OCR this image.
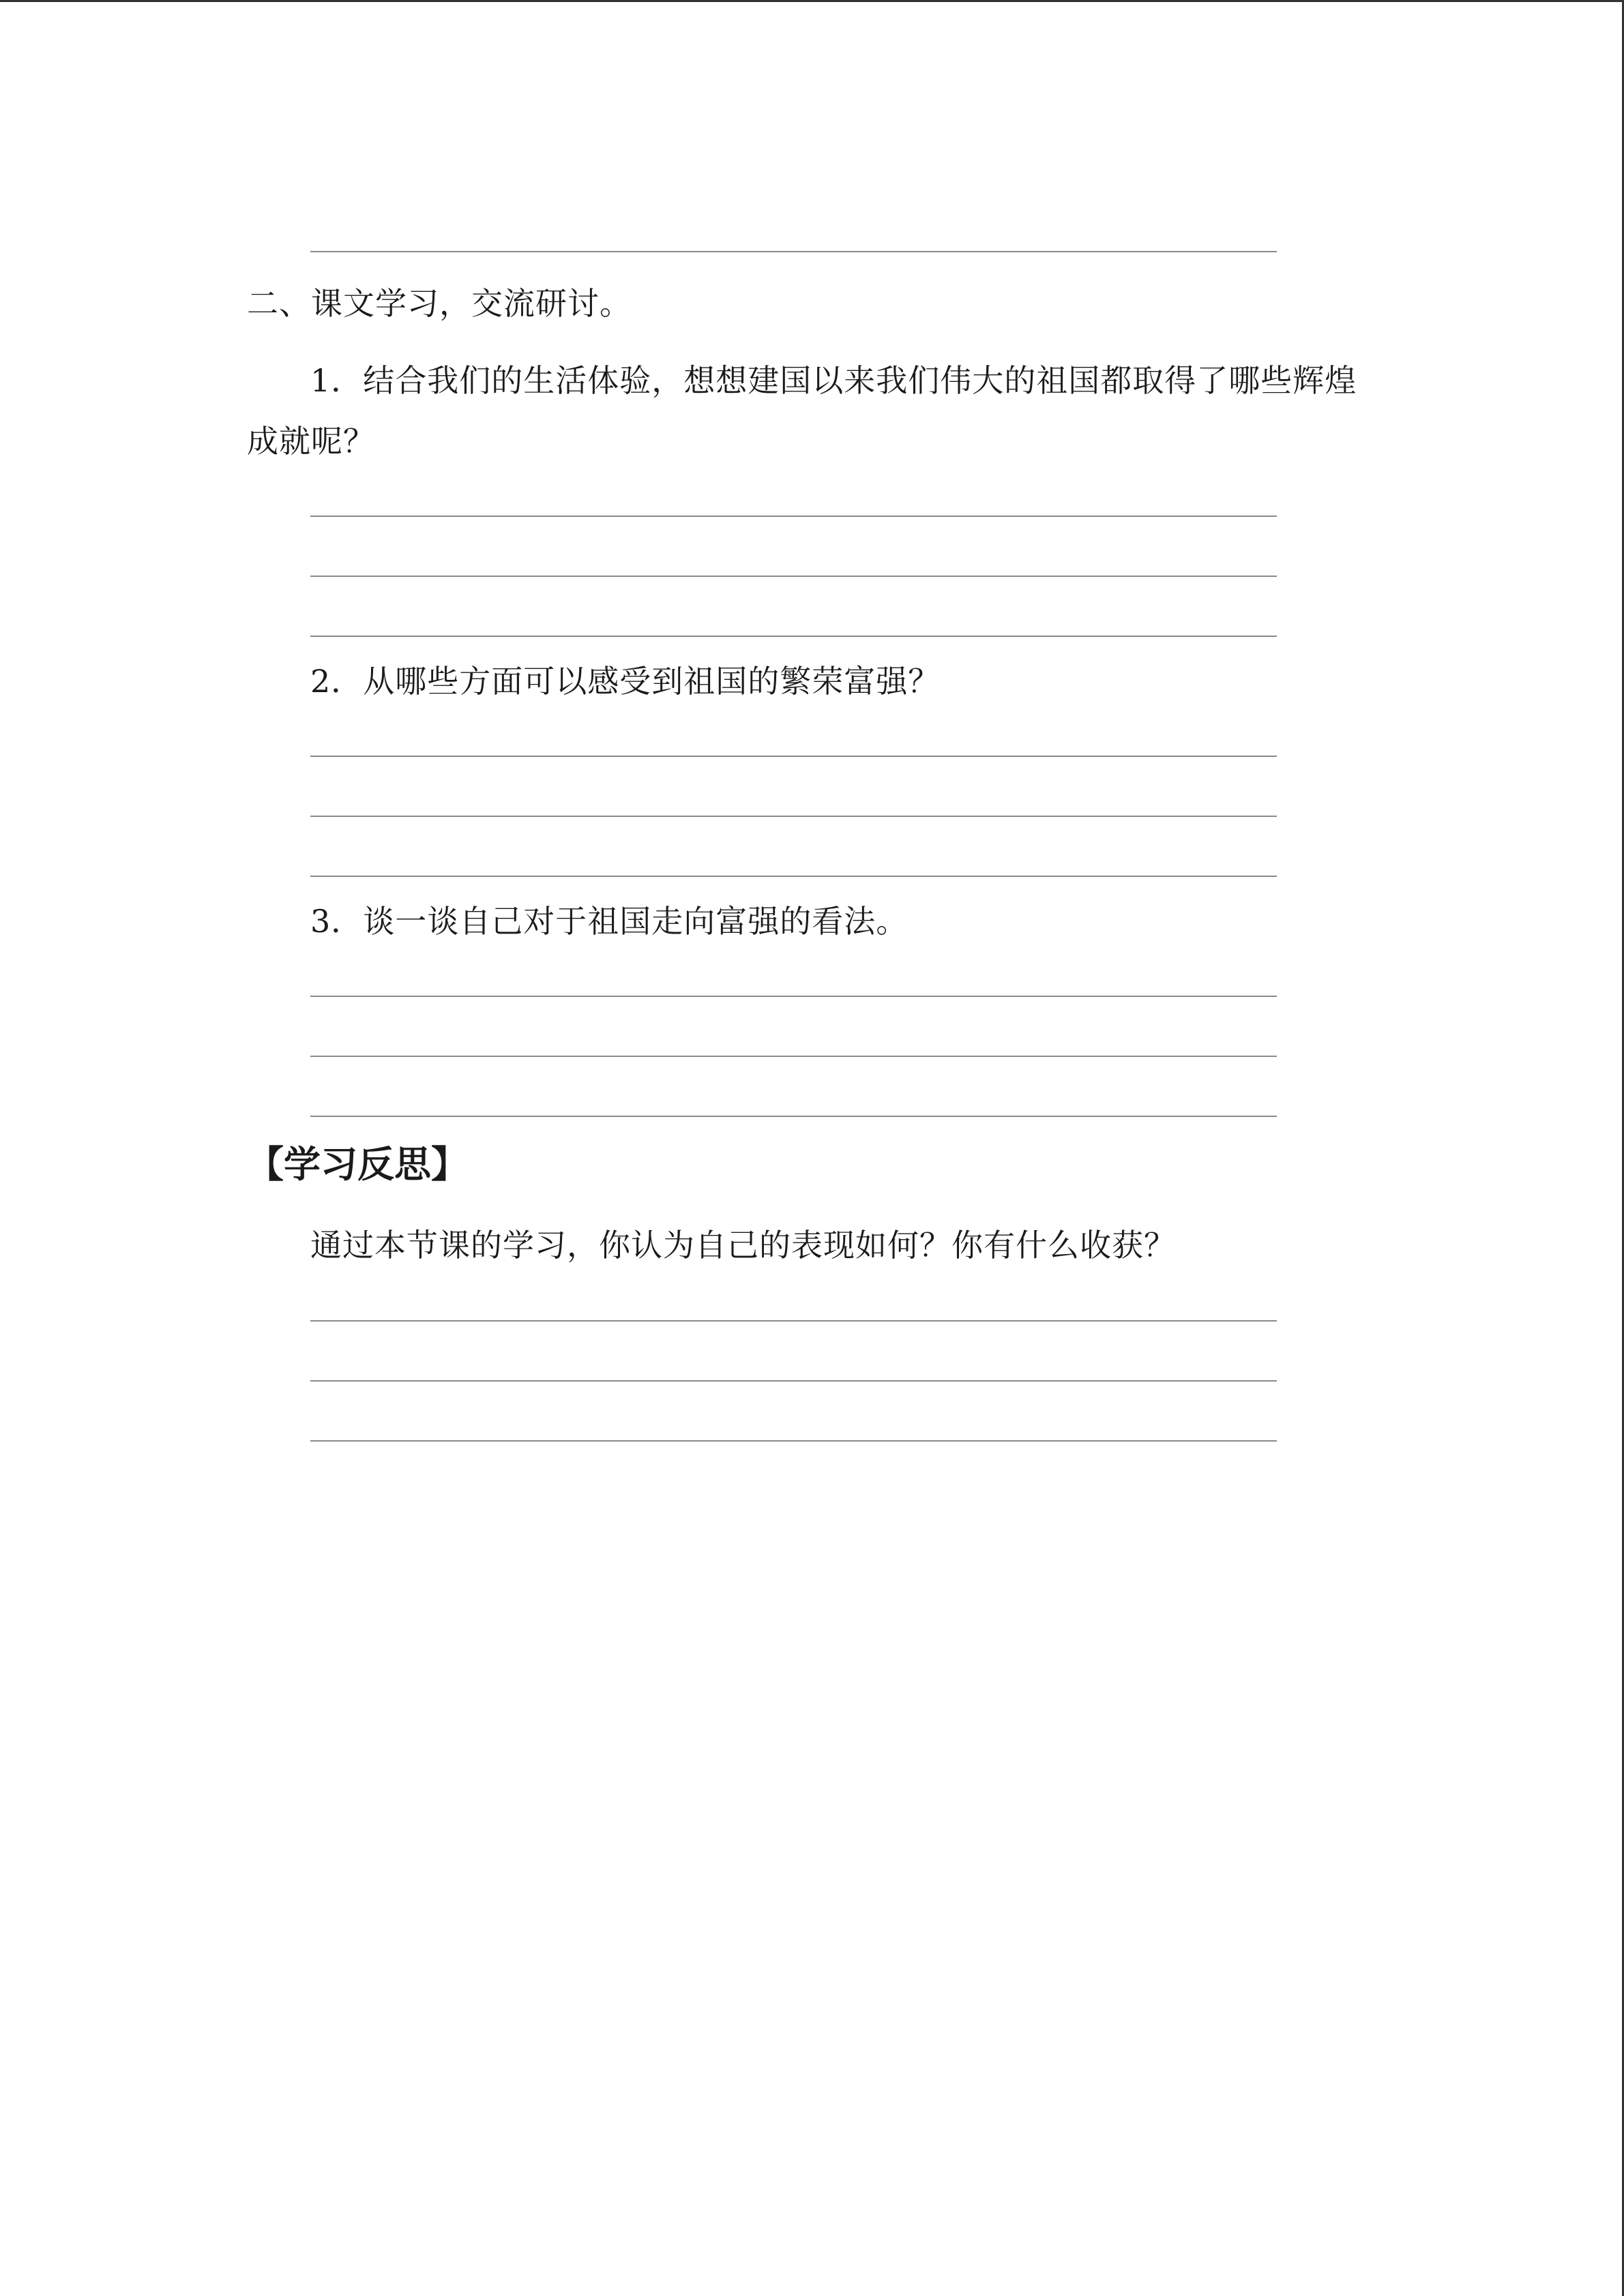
二、课文学习，交流研讨。
1．结合我们的生活体验，想想建国以来我们伟大的祖国都取得了哪些辉煌
成就呢？
2．从哪些方面可以感受到祖国的繁荣富强？
3．谈一谈自己对于祖国走向富强的看法。
【学习反思】
通过本节课的学习，你认为自己的表现如何？你有什么收获？
